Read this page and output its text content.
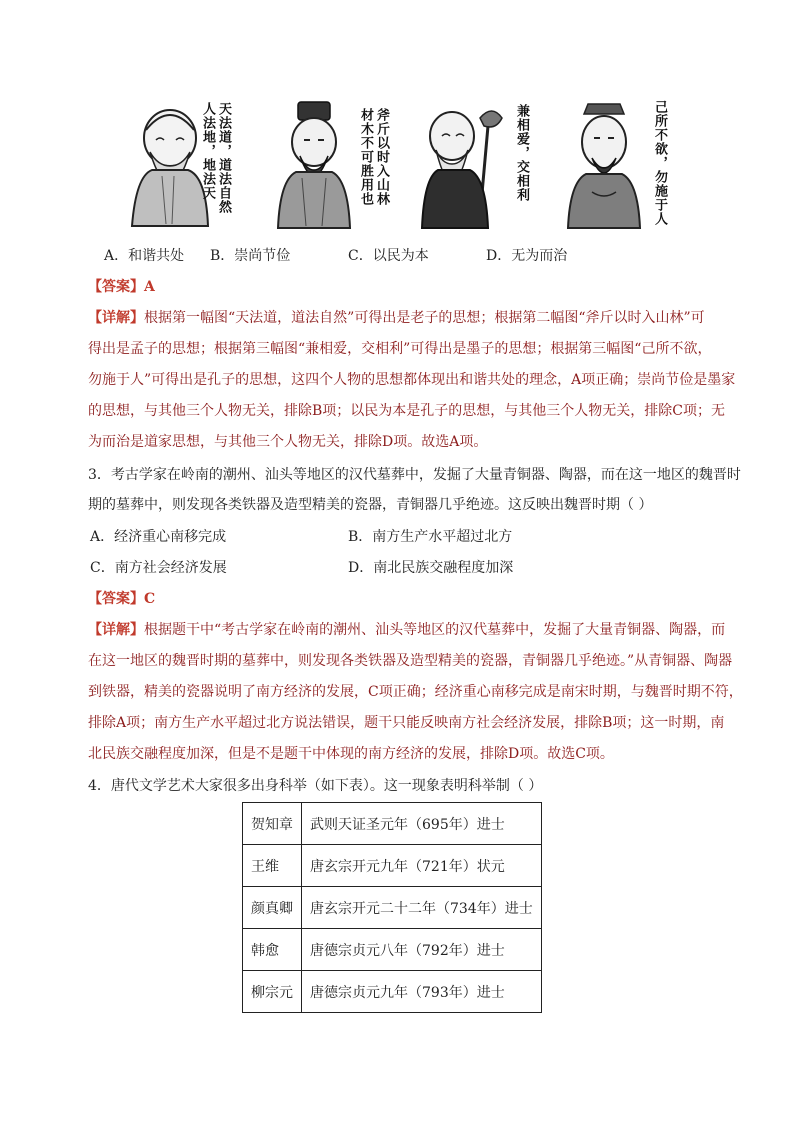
天法道，道法自然
人法地，地法天	斧斤以时入山林
材木不可胜用也	兼相爱，交相利	己所不欲，勿施于人
A．和谐共处 B．崇尚节俭	C．以民为本	D．无为而治
【答案】A
【详解】根据第一幅图“天法道，道法自然”可得出是老子的思想；根据第二幅图“斧斤以时入山林”可
得出是孟子的思想；根据第三幅图“兼相爱，交相利”可得出是墨子的思想；根据第三幅图“己所不欲，
勿施于人”可得出是孔子的思想，这四个人物的思想都体现出和谐共处的理念，A项正确；崇尚节俭是墨家
的思想，与其他三个人物无关，排除B项；以民为本是孔子的思想，与其他三个人物无关，排除C项；无
为而治是道家思想，与其他三个人物无关，排除D项。故选A项。
3．考古学家在岭南的潮州、汕头等地区的汉代墓葬中，发掘了大量青铜器、陶器，而在这一地区的魏晋时
期的墓葬中，则发现各类铁器及造型精美的瓷器，青铜器几乎绝迹。这反映出魏晋时期（ ）
A．经济重心南移完成	B．南方生产水平超过北方
C．南方社会经济发展	D．南北民族交融程度加深
【答案】C
【详解】根据题干中“考古学家在岭南的潮州、汕头等地区的汉代墓葬中，发掘了大量青铜器、陶器，而
在这一地区的魏晋时期的墓葬中，则发现各类铁器及造型精美的瓷器，青铜器几乎绝迹。”从青铜器、陶器
到铁器，精美的瓷器说明了南方经济的发展，C项正确；经济重心南移完成是南宋时期，与魏晋时期不符，
排除A项；南方生产水平超过北方说法错误，题干只能反映南方社会经济发展，排除B项；这一时期，南
北民族交融程度加深，但是不是题干中体现的南方经济的发展，排除D项。故选C项。
4．唐代文学艺术大家很多出身科举（如下表）。这一现象表明科举制（ ）
贺知章	武则天证圣元年（695年）进士
王维	唐玄宗开元九年（721年）状元
颜真卿	唐玄宗开元二十二年（734年）进士
韩愈	唐德宗贞元八年（792年）进士
柳宗元	唐德宗贞元九年（793年）进士
